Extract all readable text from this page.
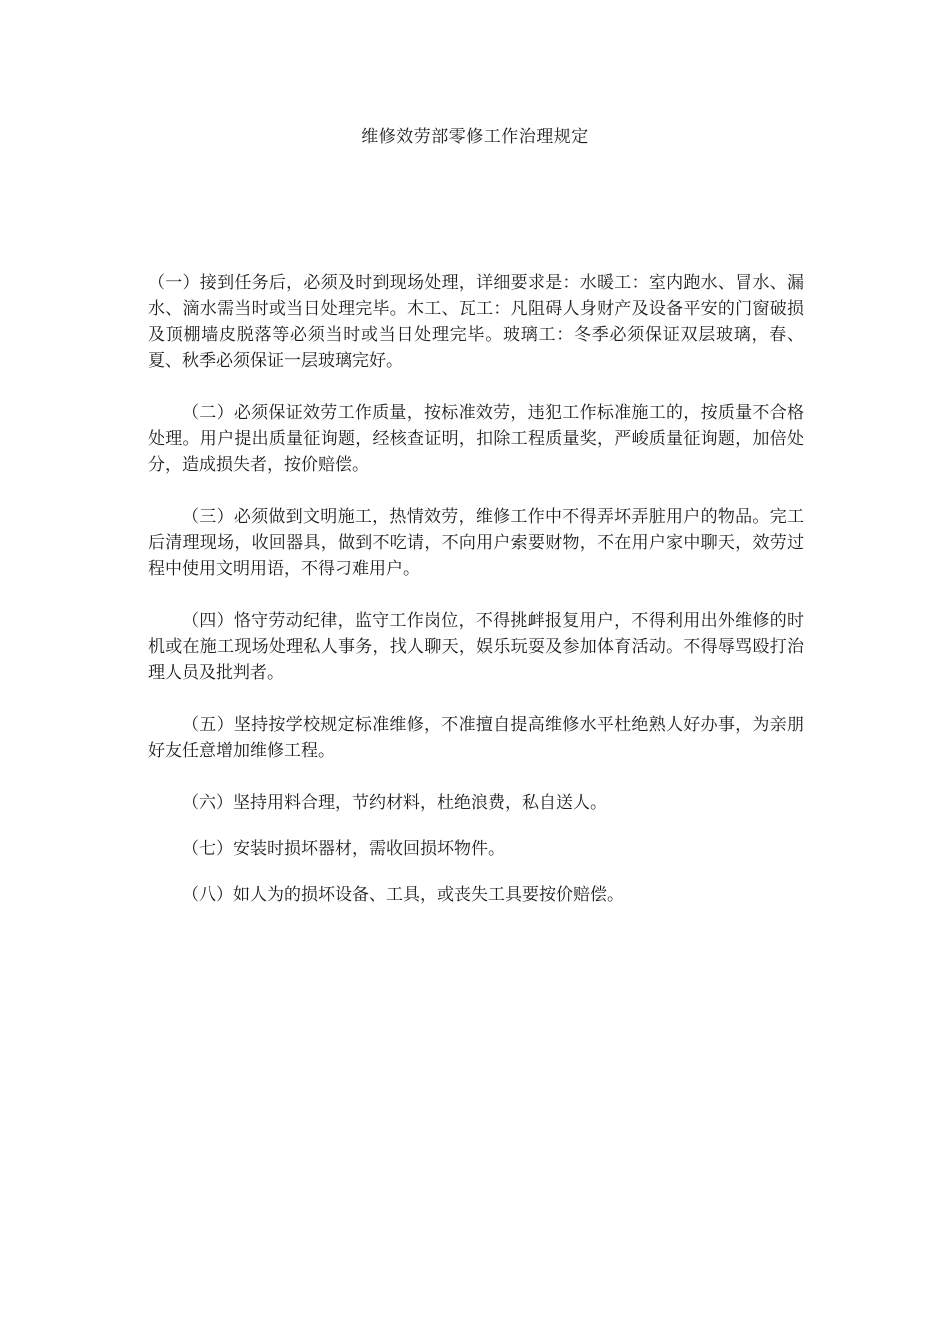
维修效劳部零修工作治理规定

（一）接到任务后，必须及时到现场处理，详细要求是：水暖工：室内跑水、冒水、漏水、滴水需当时或当日处理完毕。木工、瓦工：凡阻碍人身财产及设备平安的门窗破损及顶棚墙皮脱落等必须当时或当日处理完毕。玻璃工：冬季必须保证双层玻璃，春、夏、秋季必须保证一层玻璃完好。

（二）必须保证效劳工作质量，按标准效劳，违犯工作标准施工的，按质量不合格处理。用户提出质量征询题，经核查证明，扣除工程质量奖，严峻质量征询题，加倍处分，造成损失者，按价赔偿。

（三）必须做到文明施工，热情效劳，维修工作中不得弄坏弄脏用户的物品。完工后清理现场，收回器具，做到不吃请，不向用户索要财物，不在用户家中聊天，效劳过程中使用文明用语，不得刁难用户。

（四）恪守劳动纪律，监守工作岗位，不得挑衅报复用户，不得利用出外维修的时机或在施工现场处理私人事务，找人聊天，娱乐玩耍及参加体育活动。不得辱骂殴打治理人员及批判者。

（五）坚持按学校规定标准维修，不准擅自提高维修水平杜绝熟人好办事，为亲朋好友任意增加维修工程。

（六）坚持用料合理，节约材料，杜绝浪费，私自送人。

（七）安装时损坏器材，需收回损坏物件。

（八）如人为的损坏设备、工具，或丧失工具要按价赔偿。
